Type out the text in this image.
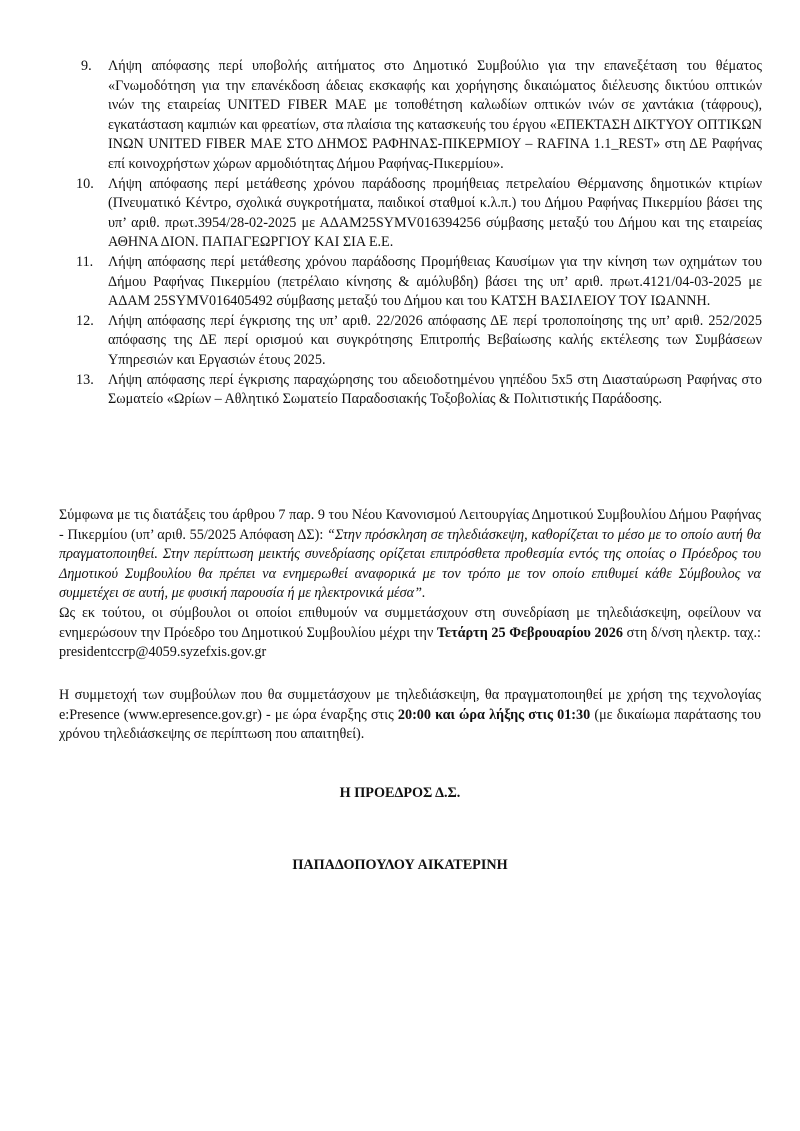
9.	Λήψη απόφασης περί υποβολής αιτήματος στο Δημοτικό Συμβούλιο για την επανεξέταση του θέματος «Γνωμοδότηση για την επανέκδοση άδειας εκσκαφής και χορήγησης δικαιώματος διέλευσης δικτύου οπτικών ινών της εταιρείας UNITED FIBER MAE με τοποθέτηση καλωδίων οπτικών ινών σε χαντάκια (τάφρους), εγκατάσταση καμπιών και φρεατίων, στα πλαίσια της κατασκευής του έργου «ΕΠΕΚΤΑΣΗ ΔΙΚΤΥΟΥ ΟΠΤΙΚΩΝ ΙΝΩΝ UNITED FIBER MAE ΣΤΟ ΔΗΜΟΣ ΡΑΦΗΝΑΣ-ΠΙΚΕΡΜΙΟΥ – RAFINA 1.1_REST» στη ΔΕ Ραφήνας επί κοινοχρήστων χώρων αρμοδιότητας Δήμου Ραφήνας-Πικερμίου».
10.	Λήψη απόφασης περί μετάθεσης χρόνου παράδοσης προμήθειας πετρελαίου Θέρμανσης δημοτικών κτιρίων (Πνευματικό Κέντρο, σχολικά συγκροτήματα, παιδικοί σταθμοί κ.λ.π.) του Δήμου Ραφήνας Πικερμίου βάσει της υπ’ αριθ. πρωτ.3954/28-02-2025 με ΑΔΑΜ25SYMV016394256 σύμβασης μεταξύ του Δήμου και της εταιρείας ΑΘΗΝΑ ΔΙΟΝ. ΠΑΠΑΓΕΩΡΓΙΟΥ ΚΑΙ ΣΙΑ Ε.Ε.
11.	Λήψη απόφασης περί μετάθεσης χρόνου παράδοσης Προμήθειας Καυσίμων για την κίνηση των οχημάτων του Δήμου Ραφήνας Πικερμίου (πετρέλαιο κίνησης & αμόλυβδη) βάσει της υπ’ αριθ. πρωτ.4121/04-03-2025 με ΑΔΑΜ 25SYMV016405492 σύμβασης μεταξύ του Δήμου και του ΚΑΤΣΗ ΒΑΣΙΛΕΙΟΥ ΤΟΥ ΙΩΑΝΝΗ.
12.	Λήψη απόφασης περί έγκρισης της υπ’ αριθ. 22/2026 απόφασης ΔΕ περί τροποποίησης της υπ’ αριθ. 252/2025 απόφασης της ΔΕ περί ορισμού και συγκρότησης Επιτροπής Βεβαίωσης καλής εκτέλεσης των Συμβάσεων Υπηρεσιών και Εργασιών έτους 2025.
13.	Λήψη απόφασης περί έγκρισης παραχώρησης του αδειοδοτημένου γηπέδου 5x5 στη Διασταύρωση Ραφήνας στο Σωματείο «Ωρίων – Αθλητικό Σωματείο Παραδοσιακής Τοξοβολίας & Πολιτιστικής Παράδοσης.

Σύμφωνα με τις διατάξεις του άρθρου 7 παρ. 9 του Νέου Κανονισμού Λειτουργίας Δημοτικού Συμβουλίου Δήμου Ραφήνας - Πικερμίου (υπ’ αριθ. 55/2025 Απόφαση ΔΣ): “Στην πρόσκληση σε τηλεδιάσκεψη, καθορίζεται το μέσο με το οποίο αυτή θα πραγματοποιηθεί. Στην περίπτωση μεικτής συνεδρίασης ορίζεται επιπρόσθετα προθεσμία εντός της οποίας ο Πρόεδρος του Δημοτικού Συμβουλίου θα πρέπει να ενημερωθεί αναφορικά με τον τρόπο με τον οποίο επιθυμεί κάθε Σύμβουλος να συμμετέχει σε αυτή, με φυσική παρουσία ή με ηλεκτρονικά μέσα”.
Ως εκ τούτου, οι σύμβουλοι οι οποίοι επιθυμούν να συμμετάσχουν στη συνεδρίαση με τηλεδιάσκεψη, οφείλουν να ενημερώσουν την Πρόεδρο του Δημοτικού Συμβουλίου μέχρι την Τετάρτη 25 Φεβρουαρίου 2026 στη δ/νση ηλεκτρ. ταχ.: presidentccrp@4059.syzefxis.gov.gr

Η συμμετοχή των συμβούλων που θα συμμετάσχουν με τηλεδιάσκεψη, θα πραγματοποιηθεί με χρήση της τεχνολογίας e:Presence (www.epresence.gov.gr) - με ώρα έναρξης στις 20:00 και ώρα λήξης στις 01:30 (με δικαίωμα παράτασης του χρόνου τηλεδιάσκεψης σε περίπτωση που απαιτηθεί).

Η ΠΡΟΕΔΡΟΣ Δ.Σ.
ΠΑΠΑΔΟΠΟΥΛΟΥ ΑΙΚΑΤΕΡΙΝΗ
